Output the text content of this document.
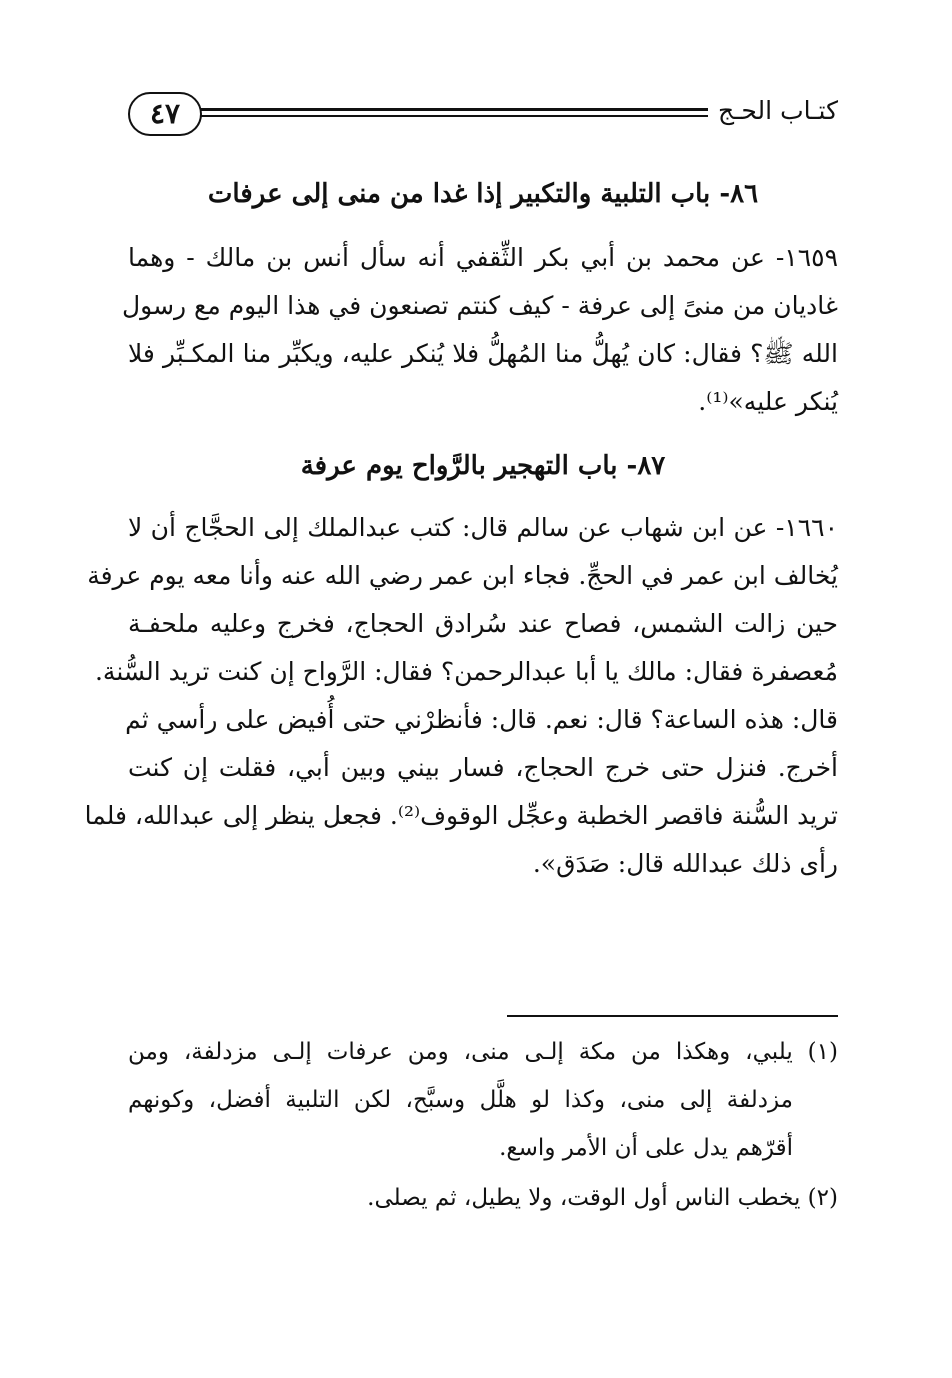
كتـاب الحـج
٤٧
٨٦- باب التلبية والتكبير إذا غدا من منى إلى عرفات
١٦٥٩- عن محمد بن أبي بكر الثِّقفي أنه سأل أنس بن مالك - وهما
غاديان من منىً إلى عرفة - كيف كنتم تصنعون في هذا اليوم مع رسول
الله ﷺ؟ فقال: كان يُهلُّ منا المُهلُّ فلا يُنكر عليه، ويكبِّر منا المكـبِّر فلا
يُنكر عليه»⁽¹⁾.
٨٧- باب التهجير بالرَّواح يوم عرفة
١٦٦٠- عن ابن شهاب عن سالم قال: كتب عبدالملك إلى الحجَّاج أن لا
يُخالف ابن عمر في الحجِّ. فجاء ابن عمر رضي الله عنه وأنا معه يوم عرفة
حين زالت الشمس، فصاح عند سُرادق الحجاج، فخرج وعليه ملحفـة
مُعصفرة فقال: مالك يا أبا عبدالرحمن؟ فقال: الرَّواح إن كنت تريد السُّنة.
قال: هذه الساعة؟ قال: نعم. قال: فأنظرْني حتى أُفيض على رأسي ثم
أخرج. فنزل حتى خرج الحجاج، فسار بيني وبين أبي، فقلت إن كنت
تريد السُّنة فاقصر الخطبة وعجِّل الوقوف⁽²⁾. فجعل ينظر إلى عبدالله، فلما
رأى ذلك عبدالله قال: صَدَق».
(١) يلبي، وهكذا من مكة إلـى منى، ومن عرفات إلـى مزدلفة، ومن
مزدلفة إلى منى، وكذا لو هلَّل وسبَّح، لكن التلبية أفضل، وكونهم
أقرّهم يدل على أن الأمر واسع.
(٢) يخطب الناس أول الوقت، ولا يطيل، ثم يصلى.
